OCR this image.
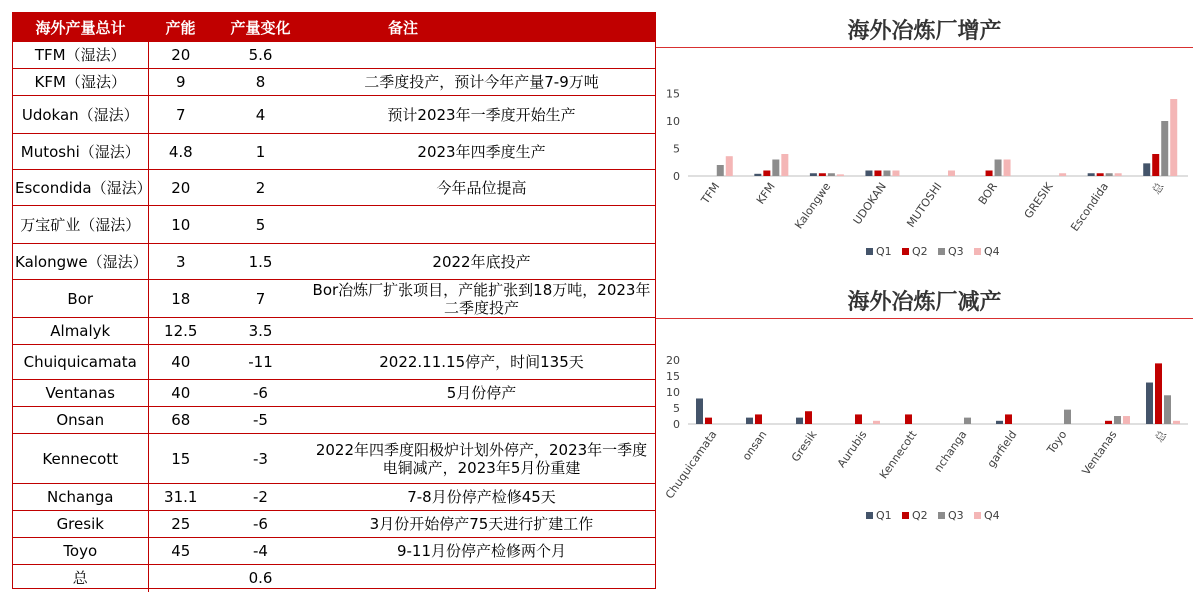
海外产量总计	产能	产量变化	备注
TFM（湿法）	20	5.6	
KFM（湿法）	9	8	二季度投产，预计今年产量7-9万吨
Udokan（湿法）	7	4	预计2023年一季度开始生产
Mutoshi（湿法）	4.8	1	2023年四季度生产
Escondida（湿法）	20	2	今年品位提高
万宝矿业（湿法）	10	5	
Kalongwe（湿法）	3	1.5	2022年底投产
Bor	18	7	Bor冶炼厂扩张项目，产能扩张到18万吨，2023年二季度投产
Almalyk	12.5	3.5	
Chuiquicamata	40	-11	2022.11.15停产，时间135天
Ventanas	40	-6	5月份停产
Onsan	68	-5	
Kennecott	15	-3	2022年四季度阳极炉计划外停产，2023年一季度电铜减产，2023年5月份重建
Nchanga	31.1	-2	7-8月份停产检修45天
Gresik	25	-6	3月份开始停产75天进行扩建工作
Toyo	45	-4	9-11月份停产检修两个月
总		0.6	
海外冶炼厂增产
0
5
10
15
TFM	KFM Kalongwe UDOKAN MUTOSHI	BOR GRESIK Escondida	总
Q1 Q2 Q3 Q4
海外冶炼厂减产
0
5
10
15
20
Chuquicamata onsan Gresik Aurubis Kennecott nchanga garfield Toyo Ventanas	总
Q1 Q2 Q3 Q4
